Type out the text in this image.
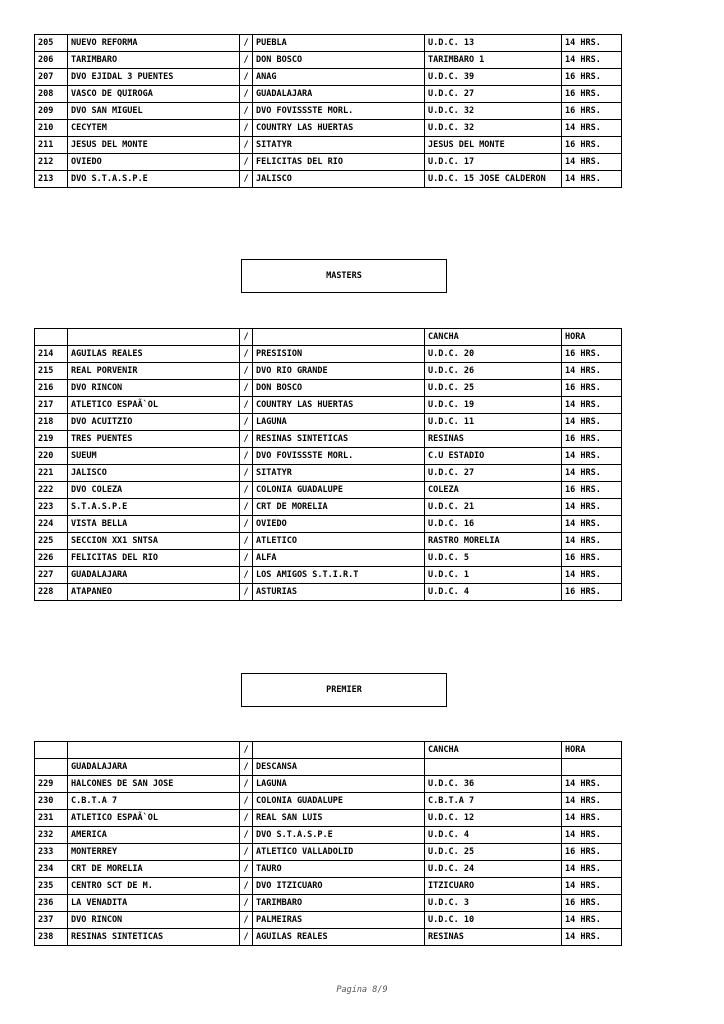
205	NUEVO REFORMA	/	PUEBLA	U.D.C. 13	14 HRS.
206	TARIMBARO	/	DON BOSCO	TARIMBARO 1	14 HRS.
207	DVO EJIDAL 3 PUENTES	/	ANAG	U.D.C. 39	16 HRS.
208	VASCO DE QUIROGA	/	GUADALAJARA	U.D.C. 27	16 HRS.
209	DVO SAN MIGUEL	/	DVO FOVISSSTE MORL.	U.D.C. 32	16 HRS.
210	CECYTEM	/	COUNTRY LAS HUERTAS	U.D.C. 32	14 HRS.
211	JESUS DEL MONTE	/	SITATYR	JESUS DEL MONTE	16 HRS.
212	OVIEDO	/	FELICITAS DEL RIO	U.D.C. 17	14 HRS.
213	DVO S.T.A.S.P.E	/	JALISCO	U.D.C. 15 JOSE CALDERON	14 HRS.
MASTERS
		/		CANCHA	HORA
214	AGUILAS REALES	/	PRESISION	U.D.C. 20	16 HRS.
215	REAL PORVENIR	/	DVO RIO GRANDE	U.D.C. 26	14 HRS.
216	DVO RINCON	/	DON BOSCO	U.D.C. 25	16 HRS.
217	ATLETICO ESPAÃ`OL	/	COUNTRY LAS HUERTAS	U.D.C. 19	14 HRS.
218	DVO ACUITZIO	/	LAGUNA	U.D.C. 11	14 HRS.
219	TRES PUENTES	/	RESINAS SINTETICAS	RESINAS	16 HRS.
220	SUEUM	/	DVO FOVISSSTE MORL.	C.U ESTADIO	14 HRS.
221	JALISCO	/	SITATYR	U.D.C. 27	14 HRS.
222	DVO COLEZA	/	COLONIA GUADALUPE	COLEZA	16 HRS.
223	S.T.A.S.P.E	/	CRT DE MORELIA	U.D.C. 21	14 HRS.
224	VISTA BELLA	/	OVIEDO	U.D.C. 16	14 HRS.
225	SECCION XX1 SNTSA	/	ATLETICO	RASTRO MORELIA	14 HRS.
226	FELICITAS DEL RIO	/	ALFA	U.D.C. 5	16 HRS.
227	GUADALAJARA	/	LOS AMIGOS S.T.I.R.T	U.D.C. 1	14 HRS.
228	ATAPANEO	/	ASTURIAS	U.D.C. 4	16 HRS.
PREMIER
		/		CANCHA	HORA
	GUADALAJARA	/	DESCANSA		
229	HALCONES DE SAN JOSE	/	LAGUNA	U.D.C. 36	14 HRS.
230	C.B.T.A 7	/	COLONIA GUADALUPE	C.B.T.A 7	14 HRS.
231	ATLETICO ESPAÃ`OL	/	REAL SAN LUIS	U.D.C. 12	14 HRS.
232	AMERICA	/	DVO S.T.A.S.P.E	U.D.C. 4	14 HRS.
233	MONTERREY	/	ATLETICO VALLADOLID	U.D.C. 25	16 HRS.
234	CRT DE MORELIA	/	TAURO	U.D.C. 24	14 HRS.
235	CENTRO SCT DE M.	/	DVO ITZICUARO	ITZICUARO	14 HRS.
236	LA VENADITA	/	TARIMBARO	U.D.C. 3	16 HRS.
237	DVO RINCON	/	PALMEIRAS	U.D.C. 10	14 HRS.
238	RESINAS SINTETICAS	/	AGUILAS REALES	RESINAS	14 HRS.
Pagina 8/9
